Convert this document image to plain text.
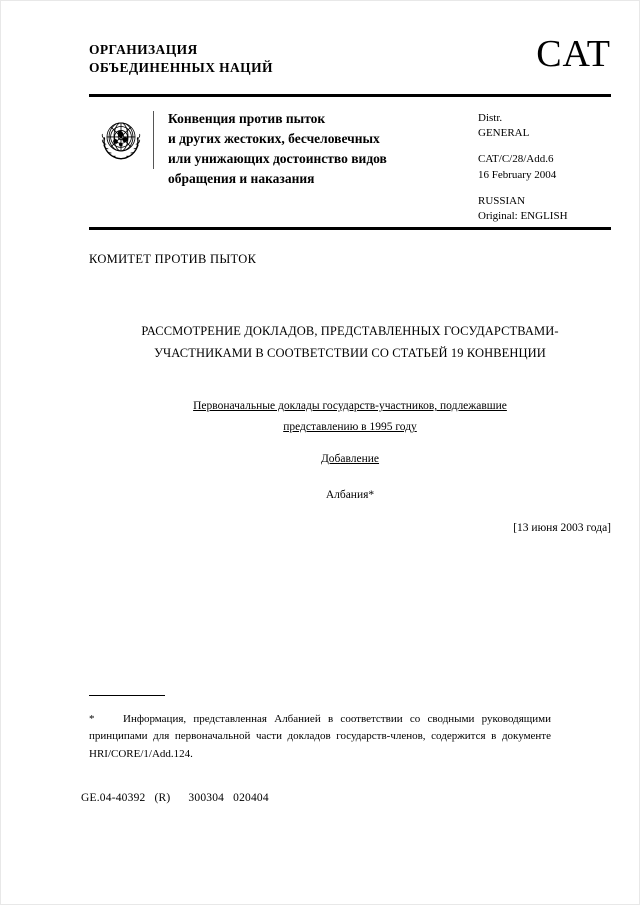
ОРГАНИЗАЦИЯ
ОБЪЕДИНЕННЫХ НАЦИЙ	CAT
Конвенция против пыток
и других жестоких, бесчеловечных
или унижающих достоинство видов
обращения и наказания
Distr.
GENERAL
CAT/C/28/Add.6
16 February 2004
RUSSIAN
Original: ENGLISH
КОМИТЕТ ПРОТИВ ПЫТОК
РАССМОТРЕНИЕ ДОКЛАДОВ, ПРЕДСТАВЛЕННЫХ ГОСУДАРСТВАМИ-
УЧАСТНИКАМИ В СООТВЕТСТВИИ СО СТАТЬЕЙ 19 КОНВЕНЦИИ
Первоначальные доклады государств-участников, подлежавшие
представлению в 1995 году
Добавление
Албания*
[13 июня 2003 года]
*	Информация, представленная Албанией в соответствии со сводными руководящими принципами для первоначальной части докладов государств-членов, содержится в документе HRI/CORE/1/Add.124.
GE.04-40392 (R) 300304 020404
